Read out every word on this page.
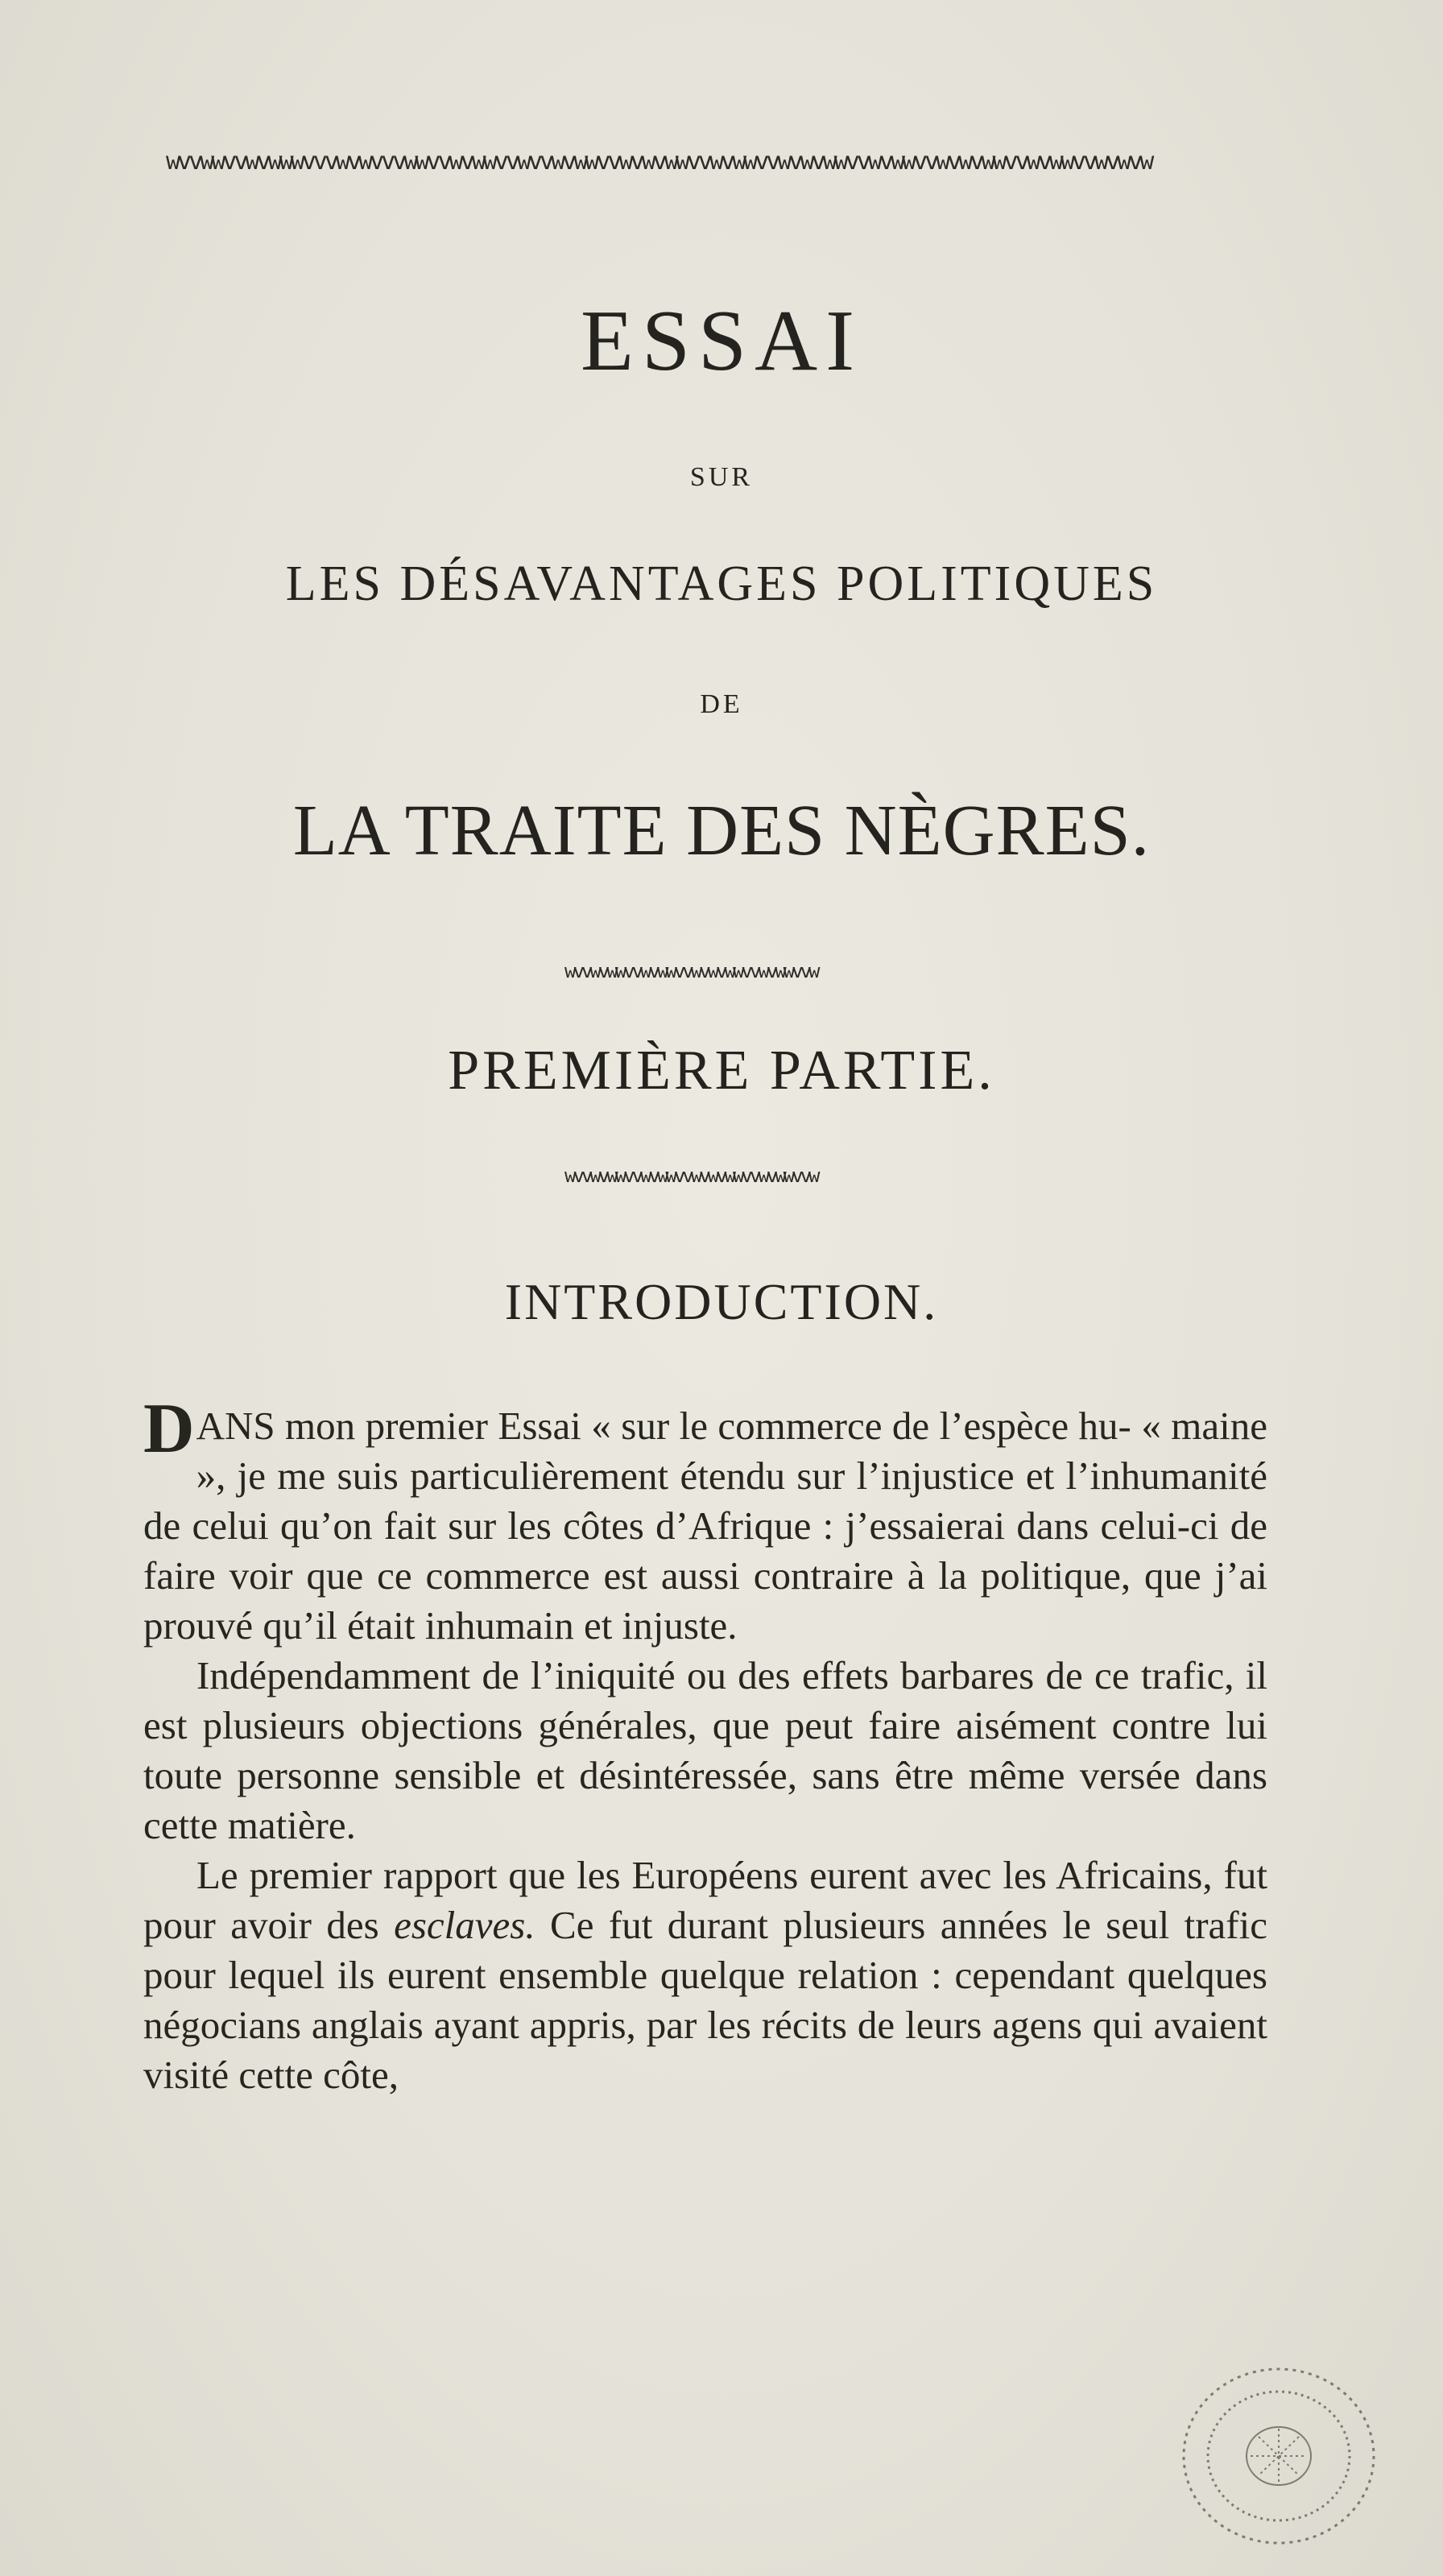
wvvwwvvwvwwwvvvwvwvvvwwvvwvwwvvwvvwvwwvvwvwvwwvvwvwwvvwvwvwwvvwvwwvvwvwvwwvvwvwwvvwvwvw
ESSAI
SUR
LES DÉSAVANTAGES POLITIQUES
DE
LA TRAITE DES NÈGRES.
wvvwvwwvvwvwwvvwvwvwwvvwvwwvvw
PREMIÈRE PARTIE.
wvvwvwwvvwvwwvvwvwvwwvvwvwwvvw
INTRODUCTION.

DANS mon premier Essai « sur le commerce de l’espèce hu- « maine », je me suis particulièrement étendu sur l’injustice et l’inhumanité de celui qu’on fait sur les côtes d’Afrique : j’essaierai dans celui-ci de faire voir que ce commerce est aussi contraire à la politique, que j’ai prouvé qu’il était inhumain et injuste.

Indépendamment de l’iniquité ou des effets barbares de ce trafic, il est plusieurs objections générales, que peut faire aisément contre lui toute personne sensible et désintéressée, sans être même versée dans cette matière.

Le premier rapport que les Européens eurent avec les Africains, fut pour avoir des esclaves. Ce fut durant plusieurs années le seul trafic pour lequel ils eurent ensemble quelque relation : cependant quelques négocians anglais ayant appris, par les récits de leurs agens qui avaient visité cette côte,
